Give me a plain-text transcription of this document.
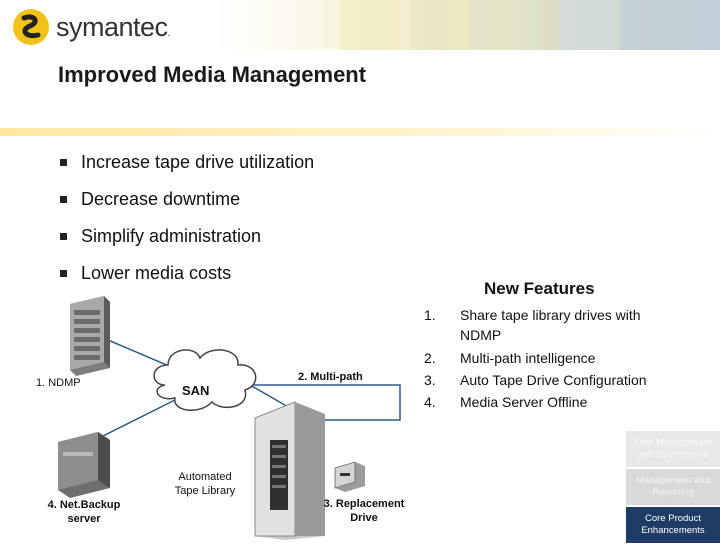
symantec.
Improved Media Management
Increase tape drive utilization
Decrease downtime
Simplify administration
Lower media costs
New Features
1.	Share tape library drives with NDMP
2.	Multi-path intelligence
3.	Auto Tape Drive Configuration
4.	Media Server Offline
1. NDMP	SAN
2. Multi-path
Automated Tape Library
4. Net.Backup server
3. Replacement Drive
Disk Management and Optimization
Management and Reporting
Core Product Enhancements
